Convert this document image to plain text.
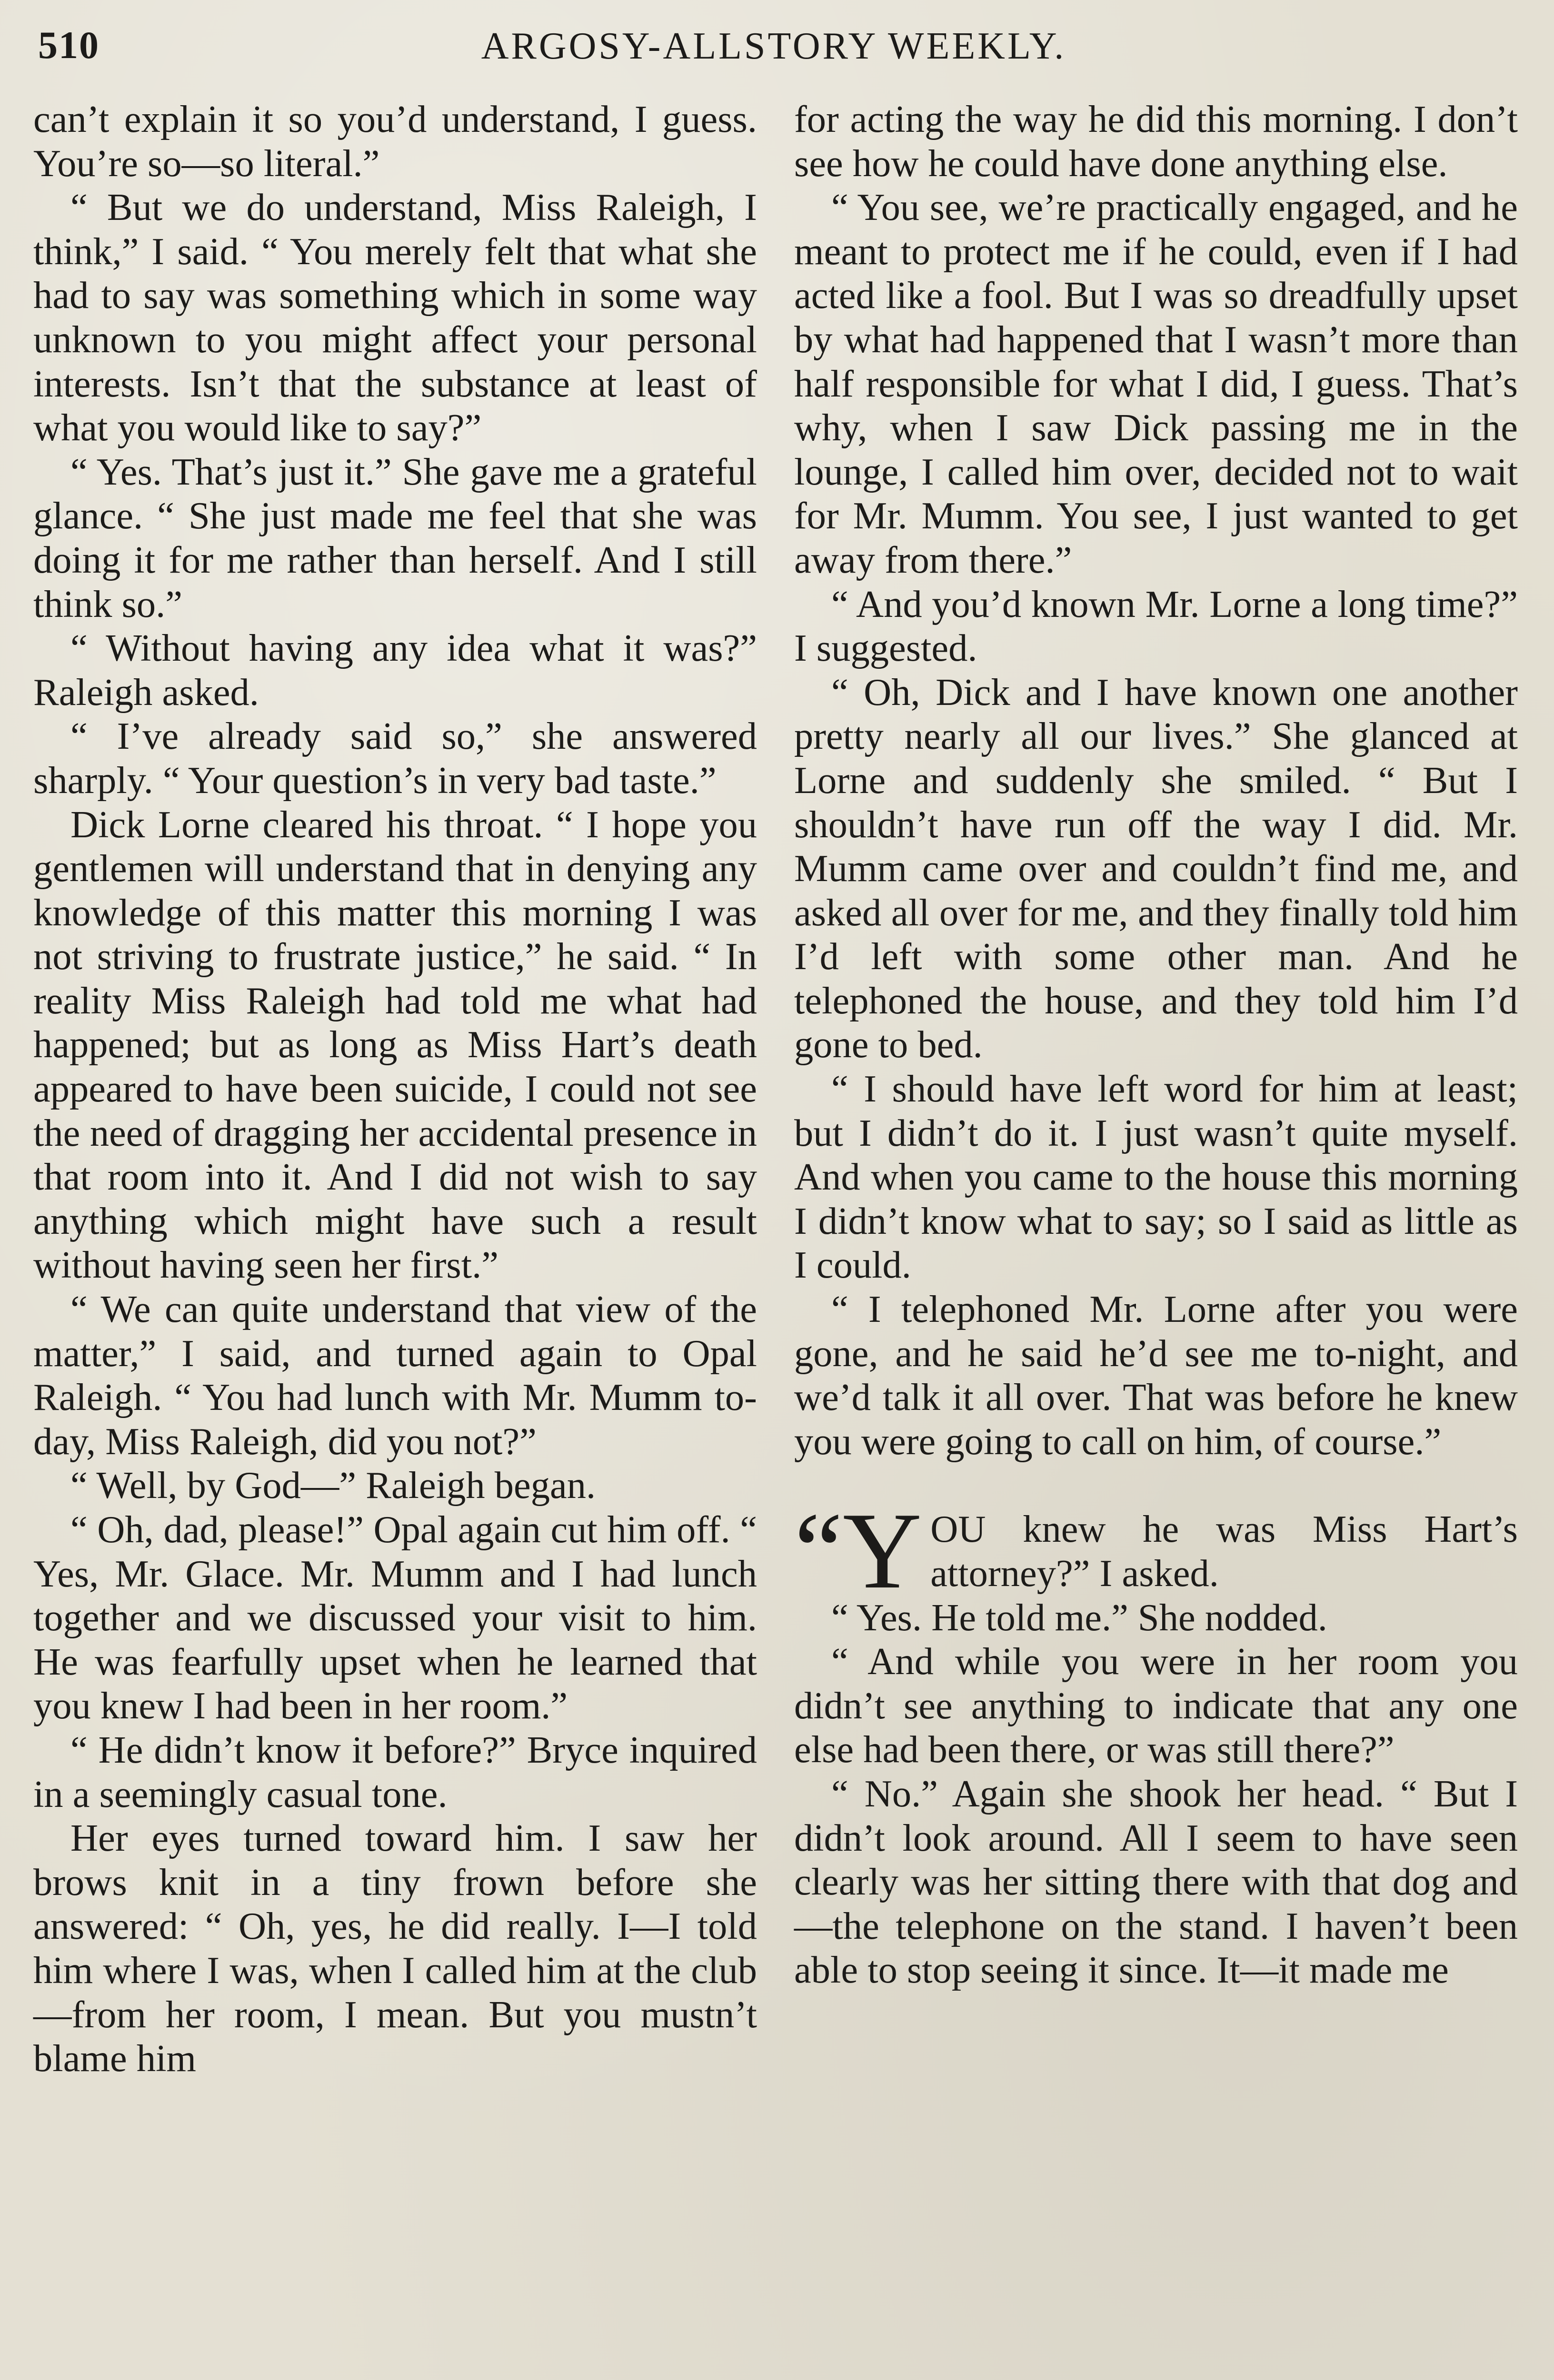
510	ARGOSY-ALLSTORY WEEKLY.

can’t explain it so you’d understand, I guess. You’re so—so literal.”

“ But we do understand, Miss Raleigh, I think,” I said. “ You merely felt that what she had to say was something which in some way unknown to you might affect your personal interests. Isn’t that the substance at least of what you would like to say?”

“ Yes. That’s just it.” She gave me a grateful glance. “ She just made me feel that she was doing it for me rather than herself. And I still think so.”

“ Without having any idea what it was?” Raleigh asked.

“ I’ve already said so,” she answered sharply. “ Your question’s in very bad taste.”

Dick Lorne cleared his throat. “ I hope you gentlemen will understand that in denying any knowledge of this matter this morning I was not striving to frustrate justice,” he said. “ In reality Miss Raleigh had told me what had happened; but as long as Miss Hart’s death appeared to have been suicide, I could not see the need of dragging her accidental presence in that room into it. And I did not wish to say anything which might have such a result without having seen her first.”

“ We can quite understand that view of the matter,” I said, and turned again to Opal Raleigh. “ You had lunch with Mr. Mumm to-day, Miss Raleigh, did you not?”

“ Well, by God—” Raleigh began.

“ Oh, dad, please!” Opal again cut him off. “ Yes, Mr. Glace. Mr. Mumm and I had lunch together and we discussed your visit to him. He was fearfully upset when he learned that you knew I had been in her room.”

“ He didn’t know it before?” Bryce inquired in a seemingly casual tone.

Her eyes turned toward him. I saw her brows knit in a tiny frown before she answered: “ Oh, yes, he did really. I—I told him where I was, when I called him at the club—from her room, I mean. But you mustn’t blame him

for acting the way he did this morning. I don’t see how he could have done anything else.

“ You see, we’re practically engaged, and he meant to protect me if he could, even if I had acted like a fool. But I was so dreadfully upset by what had happened that I wasn’t more than half responsible for what I did, I guess. That’s why, when I saw Dick passing me in the lounge, I called him over, decided not to wait for Mr. Mumm. You see, I just wanted to get away from there.”

“ And you’d known Mr. Lorne a long time?” I suggested.

“ Oh, Dick and I have known one another pretty nearly all our lives.” She glanced at Lorne and suddenly she smiled. “ But I shouldn’t have run off the way I did. Mr. Mumm came over and couldn’t find me, and asked all over for me, and they finally told him I’d left with some other man. And he telephoned the house, and they told him I’d gone to bed.

“ I should have left word for him at least; but I didn’t do it. I just wasn’t quite myself. And when you came to the house this morning I didn’t know what to say; so I said as little as I could.

“ I telephoned Mr. Lorne after you were gone, and he said he’d see me to-night, and we’d talk it all over. That was before he knew you were going to call on him, of course.”

“Y OU knew he was Miss Hart’s attorney?” I asked.

“ Yes. He told me.” She nodded.

“ And while you were in her room you didn’t see anything to indicate that any one else had been there, or was still there?”

“ No.” Again she shook her head. “ But I didn’t look around. All I seem to have seen clearly was her sitting there with that dog and—the telephone on the stand. I haven’t been able to stop seeing it since. It—it made me
